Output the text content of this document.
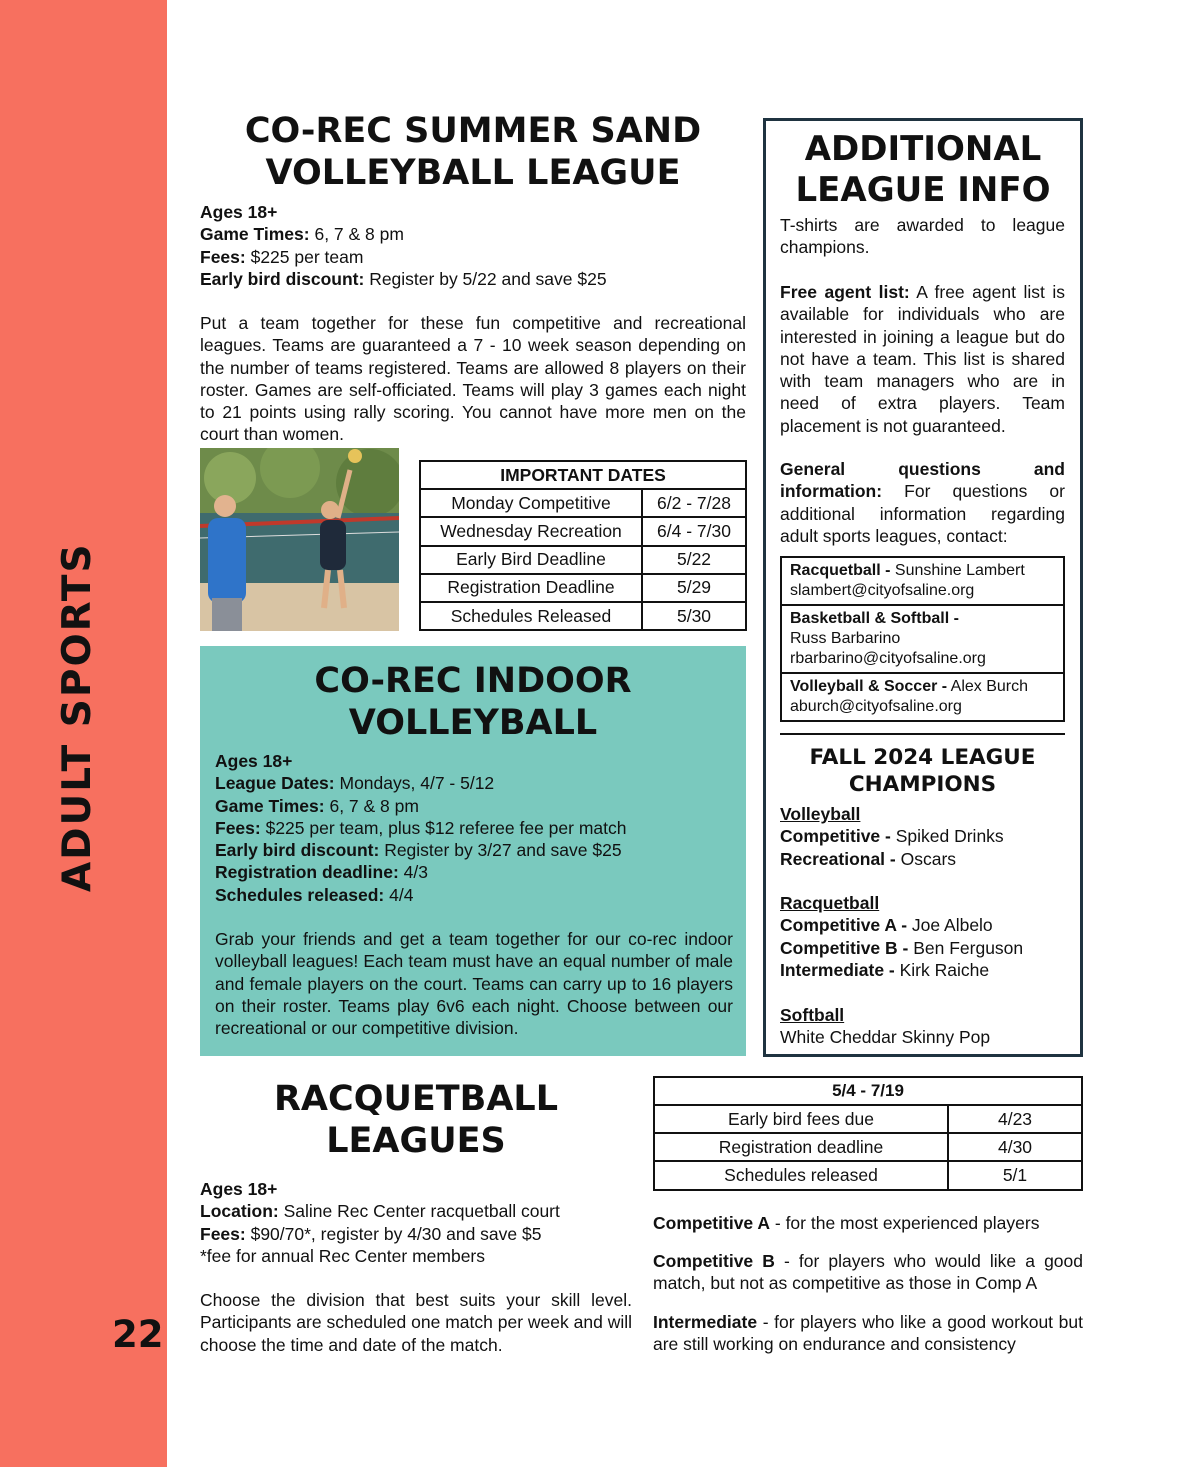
ADULT SPORTS
22
CO-REC SUMMER SAND VOLLEYBALL LEAGUE
Ages 18+
Game Times: 6, 7 & 8 pm
Fees: $225 per team
Early bird discount: Register by 5/22 and save $25
Put a team together for these fun competitive and recreational leagues. Teams are guaranteed a 7 - 10 week season depending on the number of teams registered. Teams are allowed 8 players on their roster. Games are self-officiated. Teams will play 3 games each night to 21 points using rally scoring. You cannot have more men on the court than women.
IMPORTANT DATES	
Monday Competitive	6/2 - 7/28
Wednesday Recreation	6/4 - 7/30
Early Bird Deadline	5/22
Registration Deadline	5/29
Schedules Released	5/30
CO-REC INDOOR VOLLEYBALL
Ages 18+
League Dates: Mondays, 4/7 - 5/12
Game Times: 6, 7 & 8 pm
Fees: $225 per team, plus $12 referee fee per match
Early bird discount: Register by 3/27 and save $25
Registration deadline: 4/3
Schedules released: 4/4
Grab your friends and get a team together for our co-rec indoor volleyball leagues! Each team must have an equal number of male and female players on the court. Teams can carry up to 16 players on their roster. Teams play 6v6 each night. Choose between our recreational or our competitive division.
RACQUETBALL LEAGUES
Ages 18+
Location: Saline Rec Center racquetball court
Fees: $90/70*, register by 4/30 and save $5
*fee for annual Rec Center members
Choose the division that best suits your skill level. Participants are scheduled one match per week and will choose the time and date of the match.
5/4 - 7/19	
Early bird fees due	4/23
Registration deadline	4/30
Schedules released	5/1
Competitive A - for the most experienced players
Competitive B - for players who would like a good match, but not as competitive as those in Comp A
Intermediate - for players who like a good workout but are still working on endurance and consistency
ADDITIONAL LEAGUE INFO
T-shirts are awarded to league champions.
Free agent list: A free agent list is available for individuals who are interested in joining a league but do not have a team. This list is shared with team managers who are in need of extra players. Team placement is not guaranteed.
General questions and information: For questions or additional information regarding adult sports leagues, contact:
Racquetball - Sunshine Lambert
slambert@cityofsaline.org
Basketball & Softball -
Russ Barbarino
rbarbarino@cityofsaline.org
Volleyball & Soccer - Alex Burch
aburch@cityofsaline.org
FALL 2024 LEAGUE CHAMPIONS
Volleyball
Competitive - Spiked Drinks
Recreational - Oscars
Racquetball
Competitive A - Joe Albelo
Competitive B - Ben Ferguson
Intermediate - Kirk Raiche
Softball
White Cheddar Skinny Pop
